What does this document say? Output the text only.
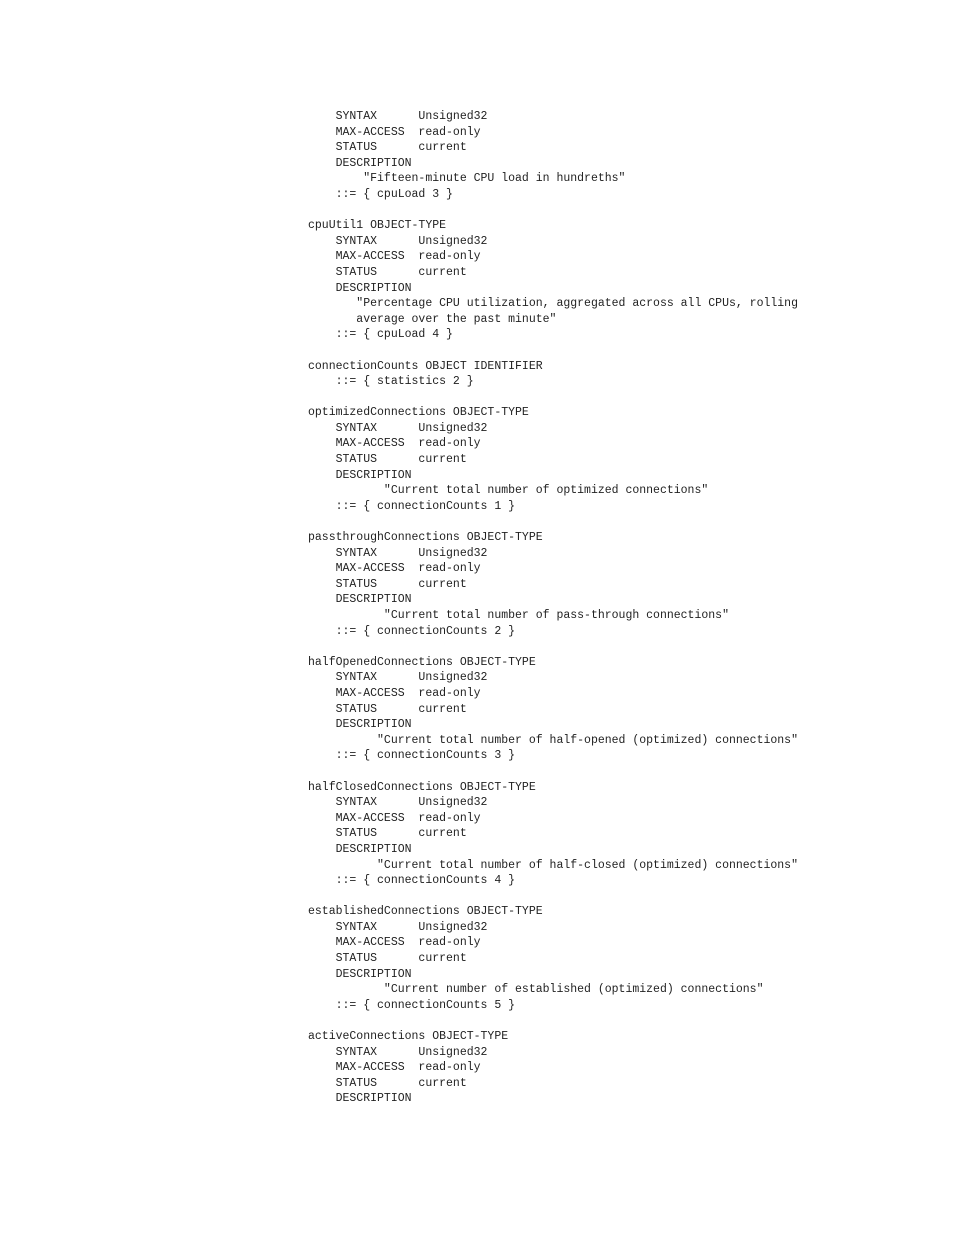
SYNTAX      Unsigned32
MAX-ACCESS  read-only
STATUS      current
DESCRIPTION
"Fifteen-minute CPU load in hundreths"
::= { cpuLoad 3 }
cpuUtil1 OBJECT-TYPE
SYNTAX      Unsigned32
MAX-ACCESS  read-only
STATUS      current
DESCRIPTION
"Percentage CPU utilization, aggregated across all CPUs, rolling
average over the past minute"
::= { cpuLoad 4 }
connectionCounts OBJECT IDENTIFIER
::= { statistics 2 }
optimizedConnections OBJECT-TYPE
SYNTAX      Unsigned32
MAX-ACCESS  read-only
STATUS      current
DESCRIPTION
"Current total number of optimized connections"
::= { connectionCounts 1 }
passthroughConnections OBJECT-TYPE
SYNTAX      Unsigned32
MAX-ACCESS  read-only
STATUS      current
DESCRIPTION
"Current total number of pass-through connections"
::= { connectionCounts 2 }
halfOpenedConnections OBJECT-TYPE
SYNTAX      Unsigned32
MAX-ACCESS  read-only
STATUS      current
DESCRIPTION
"Current total number of half-opened (optimized) connections"
::= { connectionCounts 3 }
halfClosedConnections OBJECT-TYPE
SYNTAX      Unsigned32
MAX-ACCESS  read-only
STATUS      current
DESCRIPTION
"Current total number of half-closed (optimized) connections"
::= { connectionCounts 4 }
establishedConnections OBJECT-TYPE
SYNTAX      Unsigned32
MAX-ACCESS  read-only
STATUS      current
DESCRIPTION
"Current number of established (optimized) connections"
::= { connectionCounts 5 }
activeConnections OBJECT-TYPE
SYNTAX      Unsigned32
MAX-ACCESS  read-only
STATUS      current
DESCRIPTION
